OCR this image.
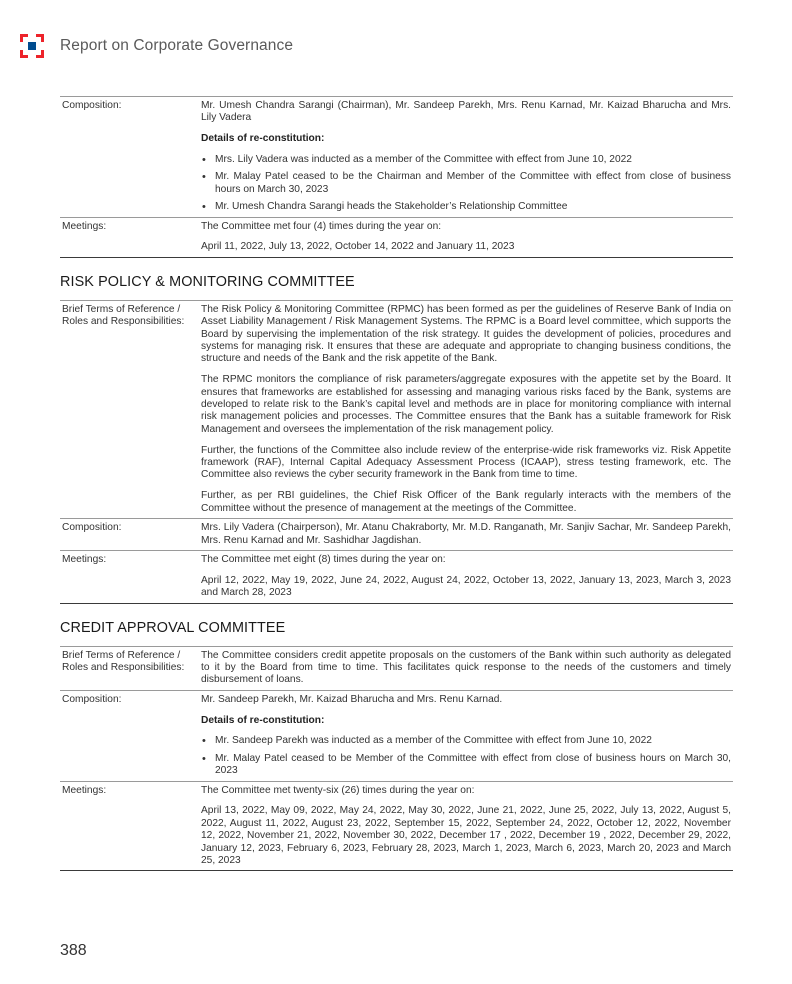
Report on Corporate Governance
Composition:	Mr. Umesh Chandra Sarangi (Chairman), Mr. Sandeep Parekh, Mrs. Renu Karnad, Mr. Kaizad Bharucha and Mrs. Lily Vadera

Details of re-constitution:

• Mrs. Lily Vadera was inducted as a member of the Committee with effect from June 10, 2022
• Mr. Malay Patel ceased to be the Chairman and Member of the Committee with effect from close of business hours on March 30, 2023
• Mr. Umesh Chandra Sarangi heads the Stakeholder’s Relationship Committee
Meetings:	The Committee met four (4) times during the year on:

April 11, 2022, July 13, 2022, October 14, 2022 and January 11, 2023

RISK POLICY & MONITORING COMMITTEE
Brief Terms of Reference / Roles and Responsibilities:

The Risk Policy & Monitoring Committee (RPMC) has been formed as per the guidelines of Reserve Bank of India on Asset Liability Management / Risk Management Systems. The RPMC is a Board level committee, which supports the Board by supervising the implementation of the risk strategy. It guides the development of policies, procedures and systems for managing risk. It ensures that these are adequate and appropriate to changing business conditions, the structure and needs of the Bank and the risk appetite of the Bank.

The RPMC monitors the compliance of risk parameters/aggregate exposures with the appetite set by the Board. It ensures that frameworks are established for assessing and managing various risks faced by the Bank, systems are developed to relate risk to the Bank’s capital level and methods are in place for monitoring compliance with internal risk management policies and processes. The Committee ensures that the Bank has a suitable framework for Risk Management and oversees the implementation of the risk management policy.

Further, the functions of the Committee also include review of the enterprise-wide risk frameworks viz. Risk Appetite framework (RAF), Internal Capital Adequacy Assessment Process (ICAAP), stress testing framework, etc. The Committee also reviews the cyber security framework in the Bank from time to time.

Further, as per RBI guidelines, the Chief Risk Officer of the Bank regularly interacts with the members of the Committee without the presence of management at the meetings of the Committee.

Composition:	Mrs. Lily Vadera (Chairperson), Mr. Atanu Chakraborty, Mr. M.D. Ranganath, Mr. Sanjiv Sachar, Mr. Sandeep Parekh, Mrs. Renu Karnad and Mr. Sashidhar Jagdishan.

Meetings:	The Committee met eight (8) times during the year on:

April 12, 2022, May 19, 2022, June 24, 2022, August 24, 2022, October 13, 2022, January 13, 2023, March 3, 2023 and March 28, 2023

CREDIT APPROVAL COMMITTEE
Brief Terms of Reference / Roles and Responsibilities:

The Committee considers credit appetite proposals on the customers of the Bank within such authority as delegated to it by the Board from time to time. This facilitates quick response to the needs of the customers and timely disbursement of loans.

Composition:	Mr. Sandeep Parekh, Mr. Kaizad Bharucha and Mrs. Renu Karnad.

Details of re-constitution:

• Mr. Sandeep Parekh was inducted as a member of the Committee with effect from June 10, 2022
• Mr. Malay Patel ceased to be Member of the Committee with effect from close of business hours on March 30, 2023
Meetings:	The Committee met twenty-six (26) times during the year on:

April 13, 2022, May 09, 2022, May 24, 2022, May 30, 2022, June 21, 2022, June 25, 2022, July 13, 2022, August 5, 2022, August 11, 2022, August 23, 2022, September 15, 2022, September 24, 2022, October 12, 2022, November 12, 2022, November 21, 2022, November 30, 2022, December 17 , 2022, December 19 , 2022, December 29, 2022, January 12, 2023, February 6, 2023, February 28, 2023, March 1, 2023, March 6, 2023, March 20, 2023 and March 25, 2023

388
